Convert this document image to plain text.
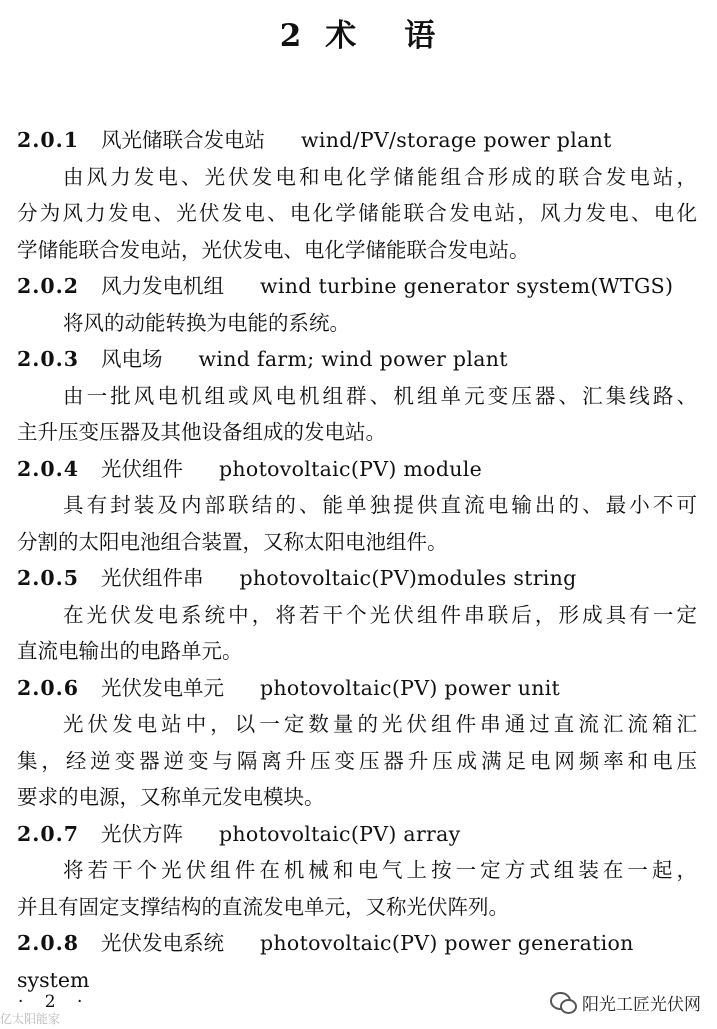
2 术 语
2.0.1 风光储联合发电站 wind/PV/storage power plant
由风力发电、光伏发电和电化学储能组合形成的联合发电站，
分为风力发电、光伏发电、电化学储能联合发电站，风力发电、电化
学储能联合发电站，光伏发电、电化学储能联合发电站。
2.0.2 风力发电机组 wind turbine generator system(WTGS)
将风的动能转换为电能的系统。
2.0.3 风电场 wind farm; wind power plant
由一批风电机组或风电机组群、机组单元变压器、汇集线路、
主升压变压器及其他设备组成的发电站。
2.0.4 光伏组件 photovoltaic(PV) module
具有封装及内部联结的、能单独提供直流电输出的、最小不可
分割的太阳电池组合装置，又称太阳电池组件。
2.0.5 光伏组件串 photovoltaic(PV)modules string
在光伏发电系统中，将若干个光伏组件串联后，形成具有一定
直流电输出的电路单元。
2.0.6 光伏发电单元 photovoltaic(PV) power unit
光伏发电站中，以一定数量的光伏组件串通过直流汇流箱汇
集，经逆变器逆变与隔离升压变压器升压成满足电网频率和电压
要求的电源，又称单元发电模块。
2.0.7 光伏方阵 photovoltaic(PV) array
将若干个光伏组件在机械和电气上按一定方式组装在一起，
并且有固定支撑结构的直流发电单元，又称光伏阵列。
2.0.8 光伏发电系统 photovoltaic(PV) power generation
system
· 2 ·
亿太阳能家
阳光工匠光伏网
